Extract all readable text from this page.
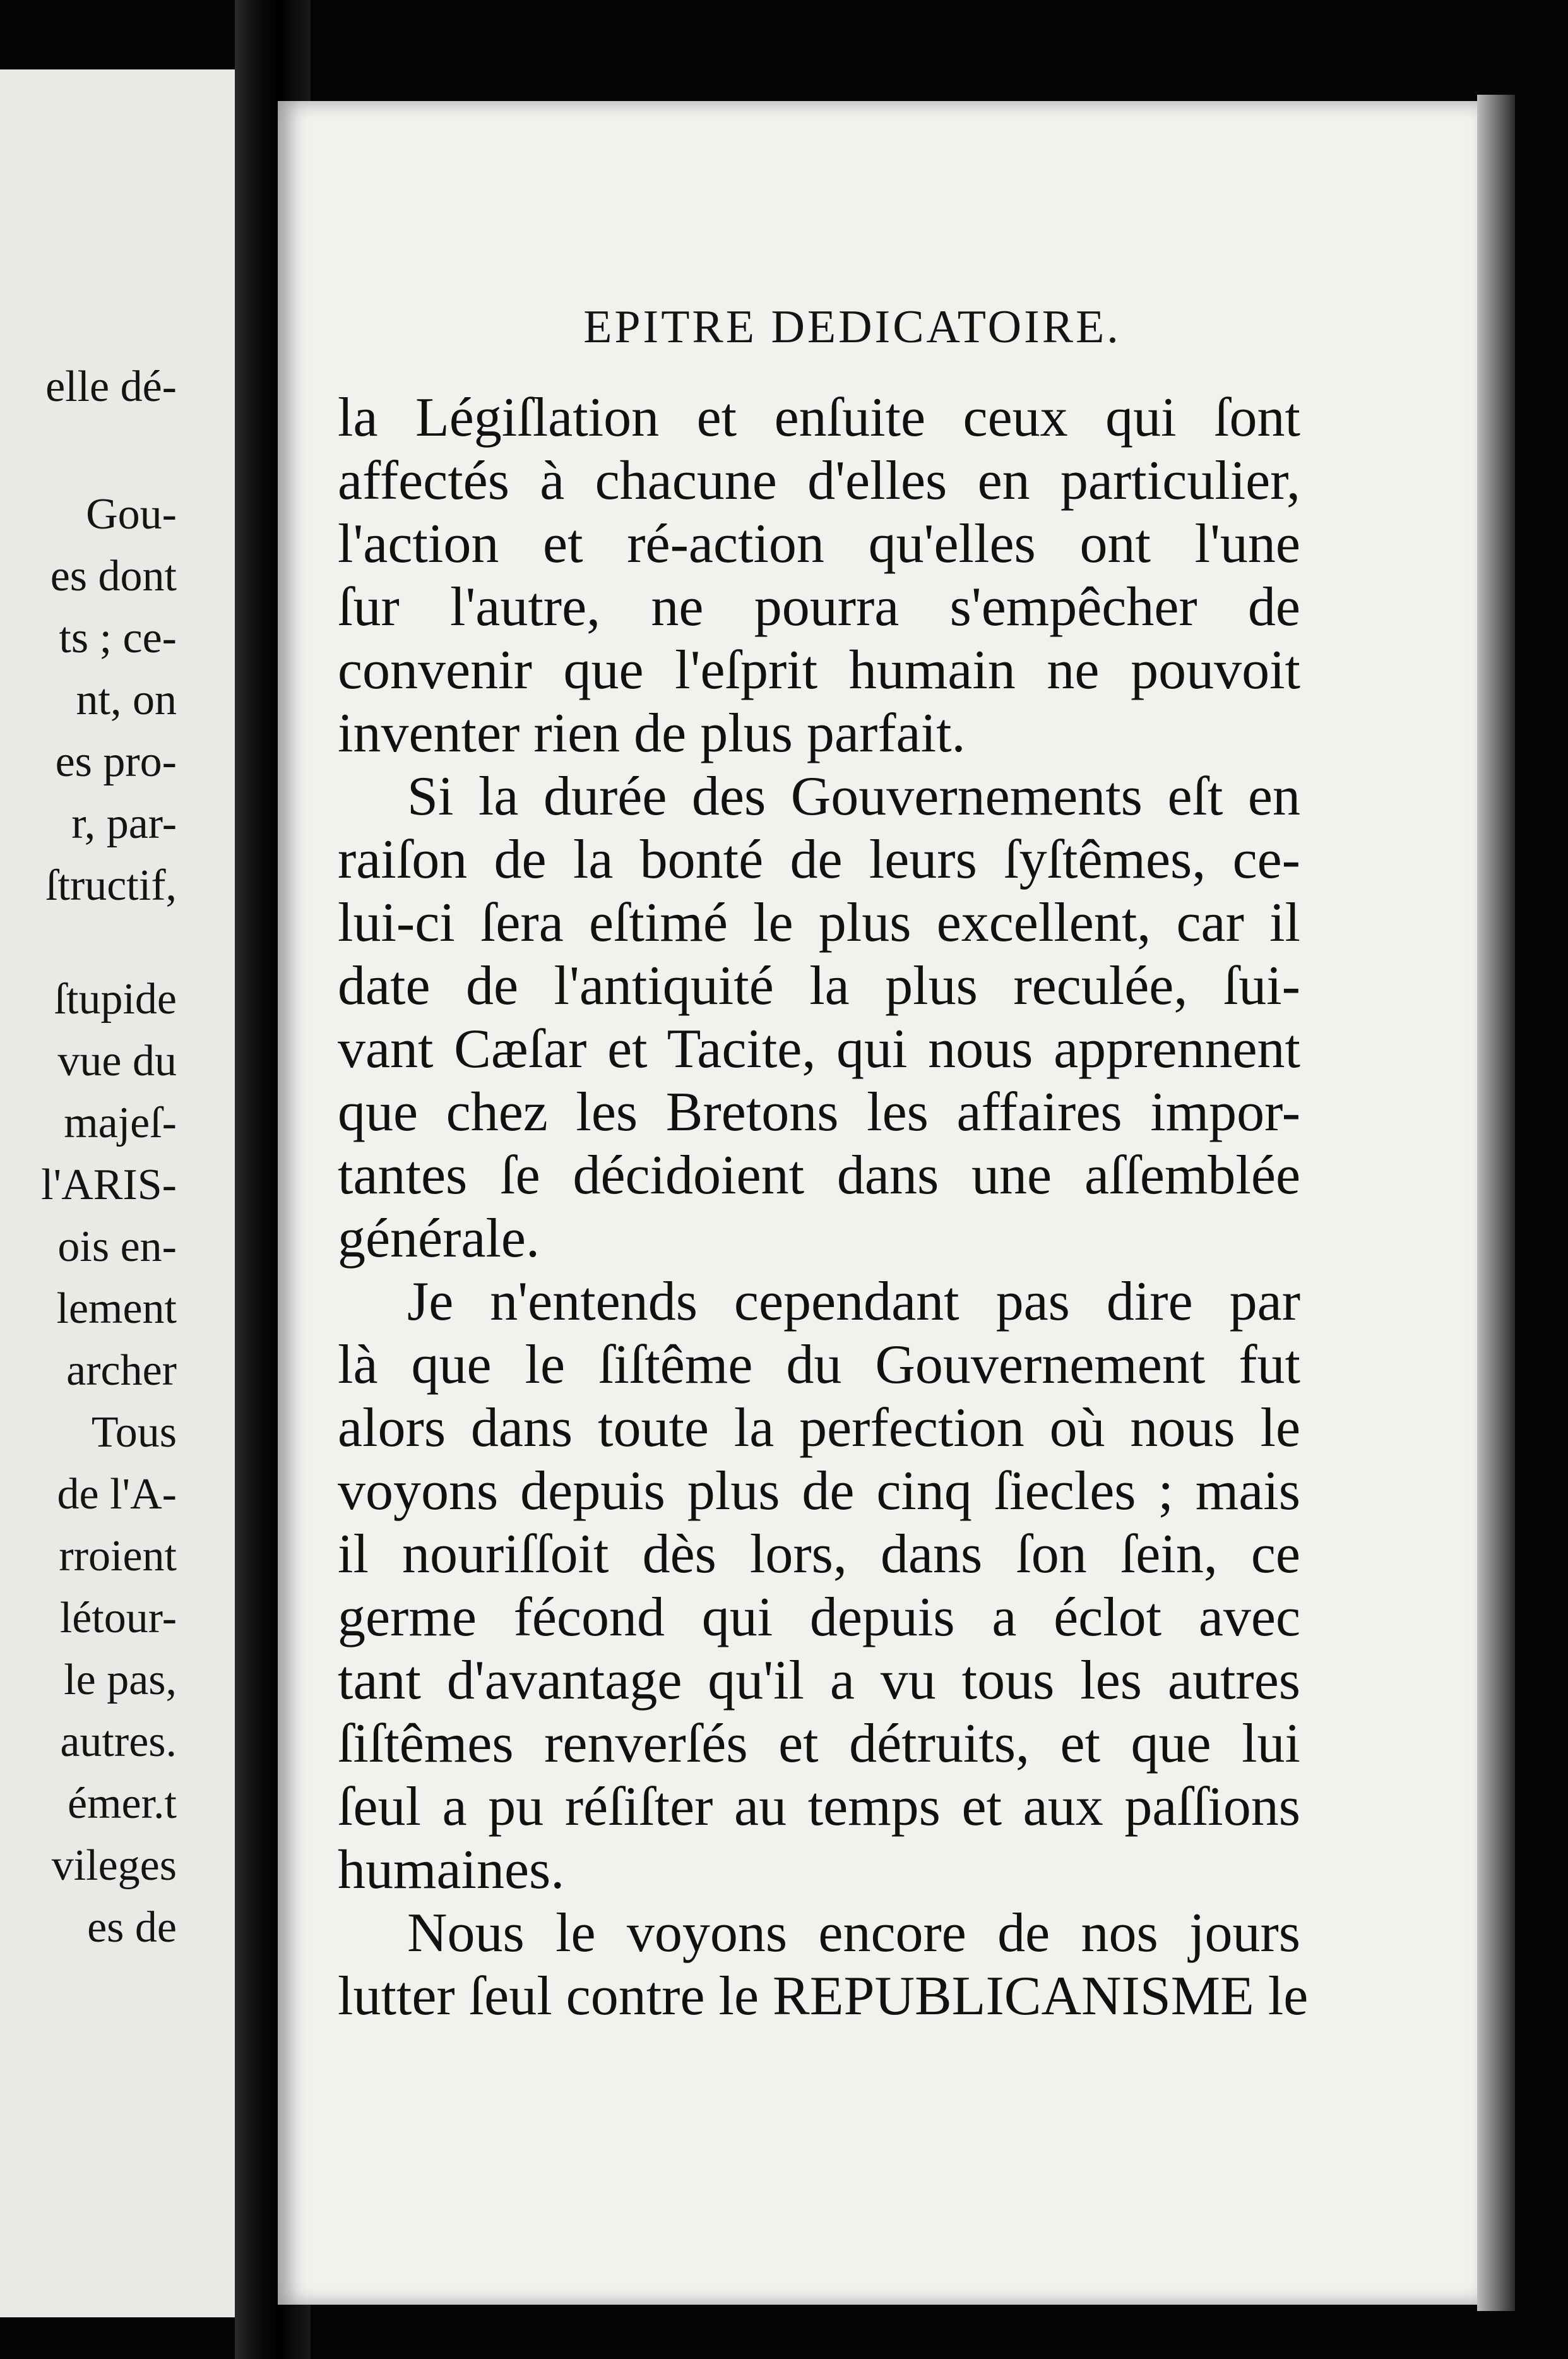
elle dé-
Gou-
es dont
ts ; ce-
nt, on
es pro-
r, par-
ſtructif,
ſtupide
vue du
majeſ-
l'ARIS-
ois en-
lement
archer
Tous
de l'A-
rroient
létour-
le pas,
autres.
émer.t
vileges
es de
EPITRE DEDICATOIRE.
la Légiſlation et enſuite ceux qui ſont
affectés à chacune d'elles en particulier,
l'action et ré-action qu'elles ont l'une
ſur l'autre, ne pourra s'empêcher de
convenir que l'eſprit humain ne pouvoit
inventer rien de plus parfait.
Si la durée des Gouvernements eſt en
raiſon de la bonté de leurs ſyſtêmes, ce-
lui-ci ſera eſtimé le plus excellent, car il
date de l'antiquité la plus reculée, ſui-
vant Cæſar et Tacite, qui nous apprennent
que chez les Bretons les affaires impor-
tantes ſe décidoient dans une aſſemblée
générale.
Je n'entends cependant pas dire par
là que le ſiſtême du Gouvernement fut
alors dans toute la perfection où nous le
voyons depuis plus de cinq ſiecles ; mais
il nouriſſoit dès lors, dans ſon ſein, ce
germe fécond qui depuis a éclot avec
tant d'avantage qu'il a vu tous les autres
ſiſtêmes renverſés et détruits, et que lui
ſeul a pu réſiſter au temps et aux paſſions
humaines.
Nous le voyons encore de nos jours
lutter ſeul contre le REPUBLICANISME le
